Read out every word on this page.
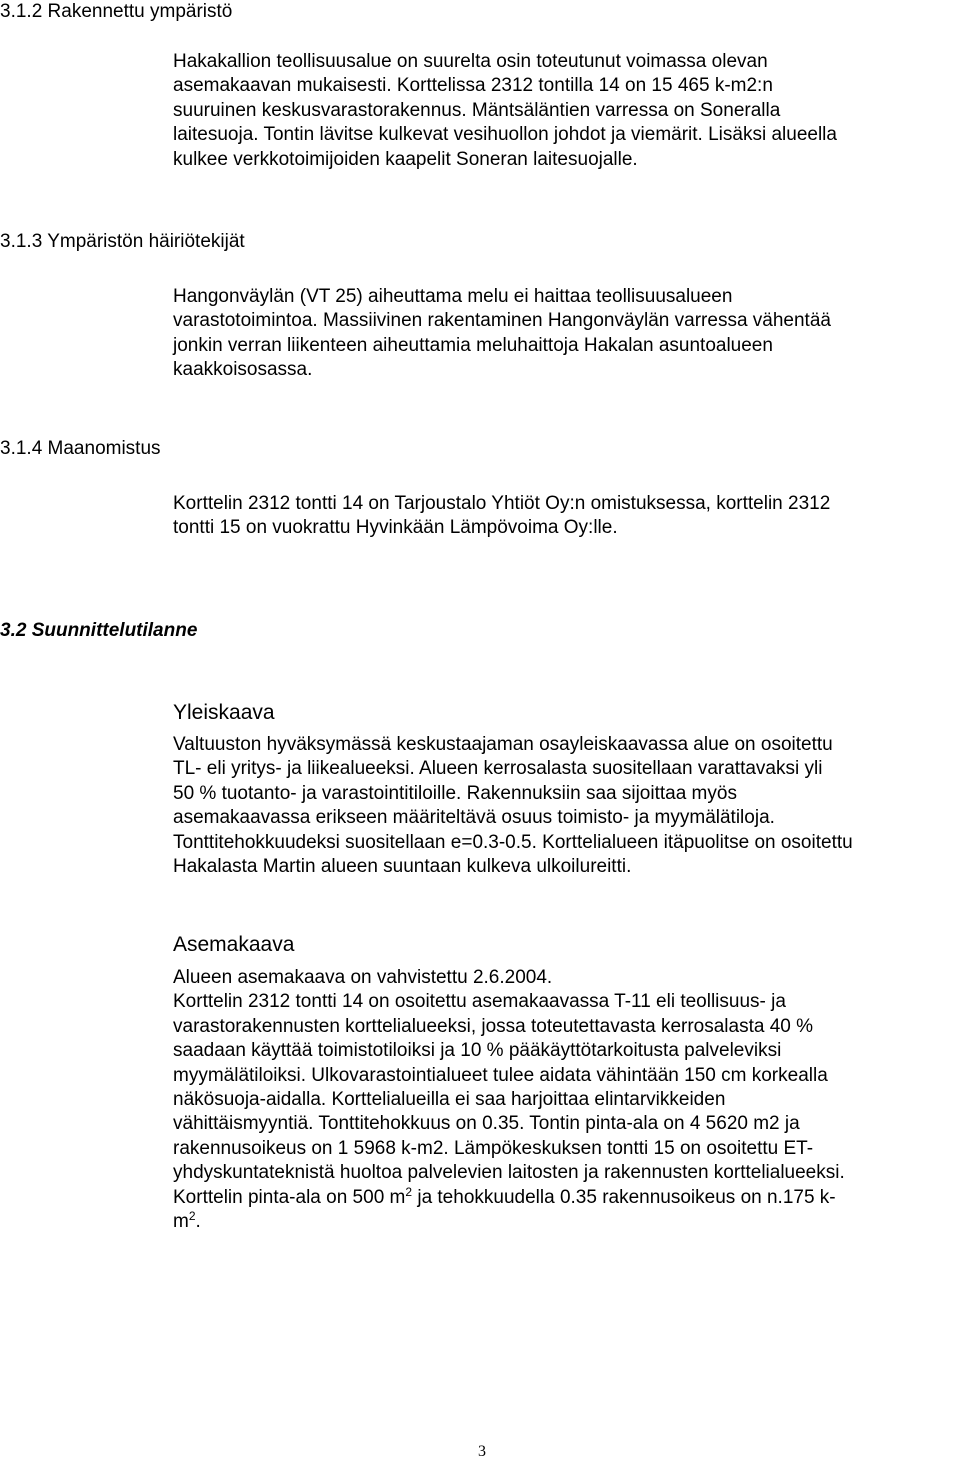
3.1.2 Rakennettu ympäristö
Hakakallion teollisuusalue on suurelta osin toteutunut voimassa olevan
asemakaavan mukaisesti. Korttelissa 2312 tontilla 14 on 15 465 k-m2:n
suuruinen keskusvarastorakennus. Mäntsäläntien varressa on Soneralla
laitesuoja. Tontin lävitse kulkevat vesihuollon johdot ja viemärit. Lisäksi alueella
kulkee verkkotoimijoiden kaapelit Soneran laitesuojalle.
3.1.3 Ympäristön häiriötekijät
Hangonväylän (VT 25) aiheuttama melu ei haittaa teollisuusalueen
varastotoimintoa. Massiivinen rakentaminen Hangonväylän varressa vähentää
jonkin verran liikenteen aiheuttamia meluhaittoja Hakalan asuntoalueen
kaakkoisosassa.
3.1.4 Maanomistus
Korttelin 2312 tontti 14 on Tarjoustalo Yhtiöt Oy:n omistuksessa, korttelin 2312
tontti 15 on vuokrattu Hyvinkään Lämpövoima Oy:lle.
3.2 Suunnittelutilanne
Yleiskaava
Valtuuston hyväksymässä keskustaajaman osayleiskaavassa alue on osoitettu
TL- eli yritys- ja liikealueeksi. Alueen kerrosalasta suositellaan varattavaksi yli
50 % tuotanto- ja varastointitiloille. Rakennuksiin saa sijoittaa myös
asemakaavassa erikseen määriteltävä osuus toimisto- ja myymälätiloja.
Tonttitehokkuudeksi suositellaan e=0.3-0.5. Korttelialueen itäpuolitse on osoitettu
Hakalasta Martin alueen suuntaan kulkeva ulkoilureitti.
Asemakaava
Alueen asemakaava on vahvistettu 2.6.2004.
Korttelin 2312 tontti 14 on osoitettu asemakaavassa T-11 eli teollisuus- ja
varastorakennusten korttelialueeksi, jossa toteutettavasta kerrosalasta 40 %
saadaan käyttää toimistotiloiksi ja 10 % pääkäyttötarkoitusta palveleviksi
myymälätiloiksi. Ulkovarastointialueet tulee aidata vähintään 150 cm korkealla
näkösuoja-aidalla. Korttelialueilla ei saa harjoittaa elintarvikkeiden
vähittäismyyntiä. Tonttitehokkuus on 0.35. Tontin pinta-ala on 4 5620 m2 ja
rakennusoikeus on 1 5968 k-m2. Lämpökeskuksen tontti 15 on osoitettu ET-
yhdyskuntateknistä huoltoa palvelevien laitosten ja rakennusten korttelialueeksi.
Korttelin pinta-ala on 500 $m^2$ ja tehokkuudella 0.35 rakennusoikeus on n.175 k-
$m^2$.
3
